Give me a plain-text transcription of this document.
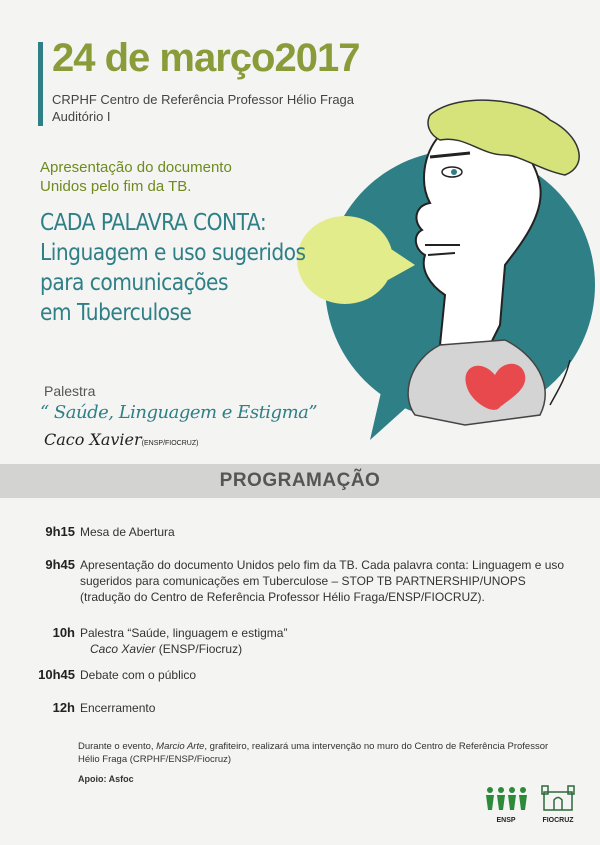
24 de março2017
CRPHF Centro de Referência Professor Hélio Fraga
Auditório I
Apresentação do documento
Unidos pelo fim da TB.
CADA PALAVRA CONTA:
Linguagem e uso sugeridos
para comunicações
em Tuberculose
Palestra
“ Saúde, Linguagem e Estigma”
Caco Xavier(ENSP/FIOCRUZ)
PROGRAMAÇÃO
9h15 Mesa de Abertura
9h45 Apresentação do documento Unidos pelo fim da TB. Cada palavra conta: Linguagem e uso sugeridos para comunicações em Tuberculose – STOP TB PARTNERSHIP/UNOPS (tradução do Centro de Referência Professor Hélio Fraga/ENSP/FIOCRUZ).
10h Palestra “Saúde, linguagem e estigma”
Caco Xavier (ENSP/Fiocruz)
10h45 Debate com o público
12h Encerramento
Durante o evento, Marcio Arte, grafiteiro, realizará uma intervenção no muro do Centro de Referência Professor Hélio Fraga (CRPHF/ENSP/Fiocruz)
Apoio: Asfoc
ENSP	FIOCRUZ
